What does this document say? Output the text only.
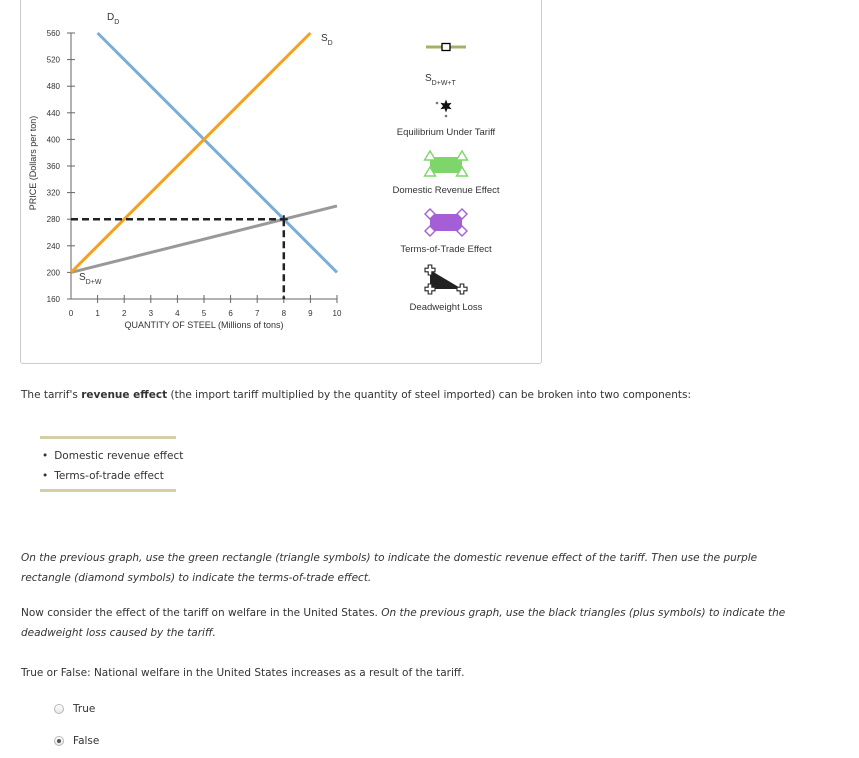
560
520
480
440
400
360
320
280
240
200
160
0	1	2	3	4	5	6	7	8	9 10
QUANTITY OF STEEL (Millions of tons)
PRICE (Dollars per ton)
$D_D$
$S_D$
$S_{D+W}$
$S_{D+W+T}$
Equilibrium Under Tariff
Domestic Revenue Effect
Terms-of-Trade Effect
Deadweight Loss

The tarrif's revenue effect (the import tariff multiplied by the quantity of steel imported) can be broken into two components:

• Domestic revenue effect
• Terms-of-trade effect

On the previous graph, use the green rectangle (triangle symbols) to indicate the domestic revenue effect of the tariff. Then use the purple rectangle (diamond symbols) to indicate the terms-of-trade effect.

Now consider the effect of the tariff on welfare in the United States. On the previous graph, use the black triangles (plus symbols) to indicate the deadweight loss caused by the tariff.

True or False: National welfare in the United States increases as a result of the tariff.

True
False
